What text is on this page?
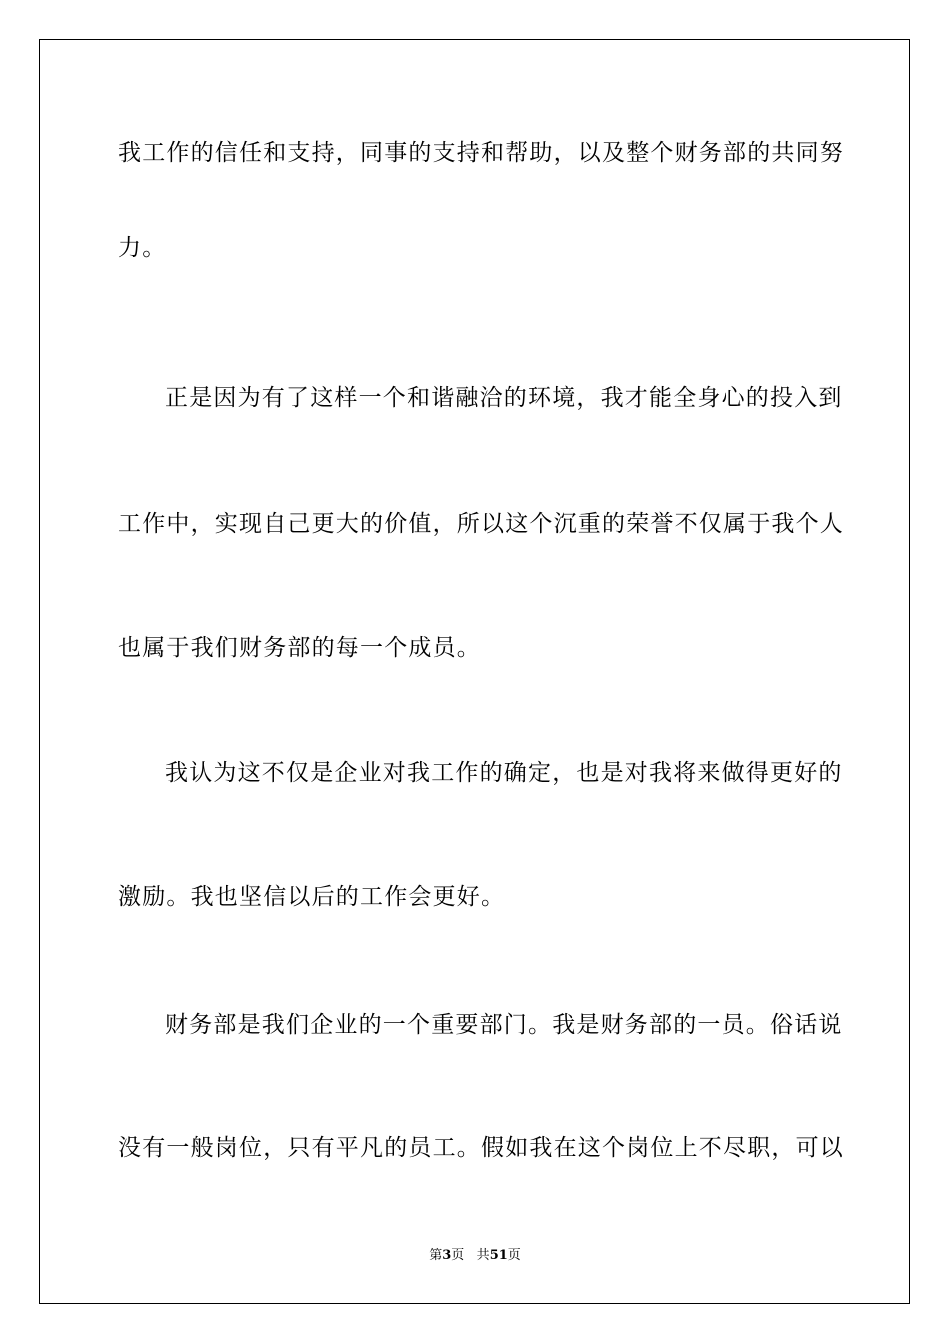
我工作的信任和支持，同事的支持和帮助，以及整个财务部的共同努
力。
正是因为有了这样一个和谐融洽的环境，我才能全身心的投入到
工作中，实现自己更大的价值，所以这个沉重的荣誉不仅属于我个人
也属于我们财务部的每一个成员。
我认为这不仅是企业对我工作的确定，也是对我将来做得更好的
激励。我也坚信以后的工作会更好。
财务部是我们企业的一个重要部门。我是财务部的一员。俗话说
没有一般岗位，只有平凡的员工。假如我在这个岗位上不尽职，可以
第3页 共51页
